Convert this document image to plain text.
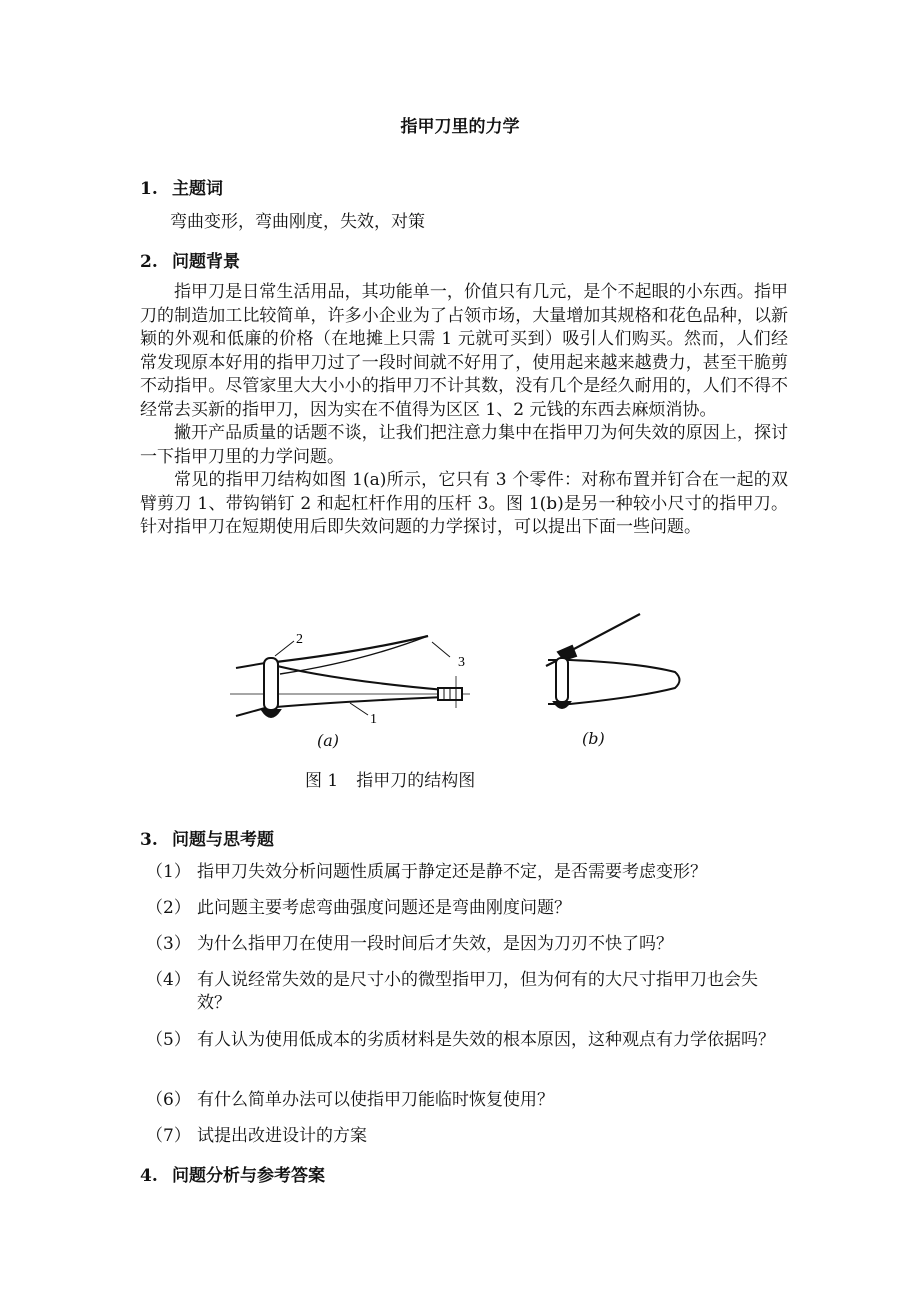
指甲刀里的力学
1. 主题词
弯曲变形，弯曲刚度，失效，对策
2. 问题背景

指甲刀是日常生活用品，其功能单一，价值只有几元，是个不起眼的小东西。指甲刀的制造加工比较简单，许多小企业为了占领市场，大量增加其规格和花色品种，以新颖的外观和低廉的价格（在地摊上只需 1 元就可买到）吸引人们购买。然而，人们经常发现原本好用的指甲刀过了一段时间就不好用了，使用起来越来越费力，甚至干脆剪不动指甲。尽管家里大大小小的指甲刀不计其数，没有几个是经久耐用的，人们不得不经常去买新的指甲刀，因为实在不值得为区区 1、2 元钱的东西去麻烦消协。

撇开产品质量的话题不谈，让我们把注意力集中在指甲刀为何失效的原因上，探讨一下指甲刀里的力学问题。

常见的指甲刀结构如图 1(a)所示，它只有 3 个零件：对称布置并钉合在一起的双臂剪刀 1、带钩销钉 2 和起杠杆作用的压杆 3。图 1(b)是另一种较小尺寸的指甲刀。针对指甲刀在短期使用后即失效问题的力学探讨，可以提出下面一些问题。

2
3
1
(a)	(b)
图 1 指甲刀的结构图
3. 问题与思考题
（1） 指甲刀失效分析问题性质属于静定还是静不定，是否需要考虑变形？
（2） 此问题主要考虑弯曲强度问题还是弯曲刚度问题？
（3） 为什么指甲刀在使用一段时间后才失效，是因为刀刃不快了吗？
（4） 有人说经常失效的是尺寸小的微型指甲刀，但为何有的大尺寸指甲刀也会失效？
（5） 有人认为使用低成本的劣质材料是失效的根本原因，这种观点有力学依据吗？
（6） 有什么简单办法可以使指甲刀能临时恢复使用？
（7） 试提出改进设计的方案
4. 问题分析与参考答案
